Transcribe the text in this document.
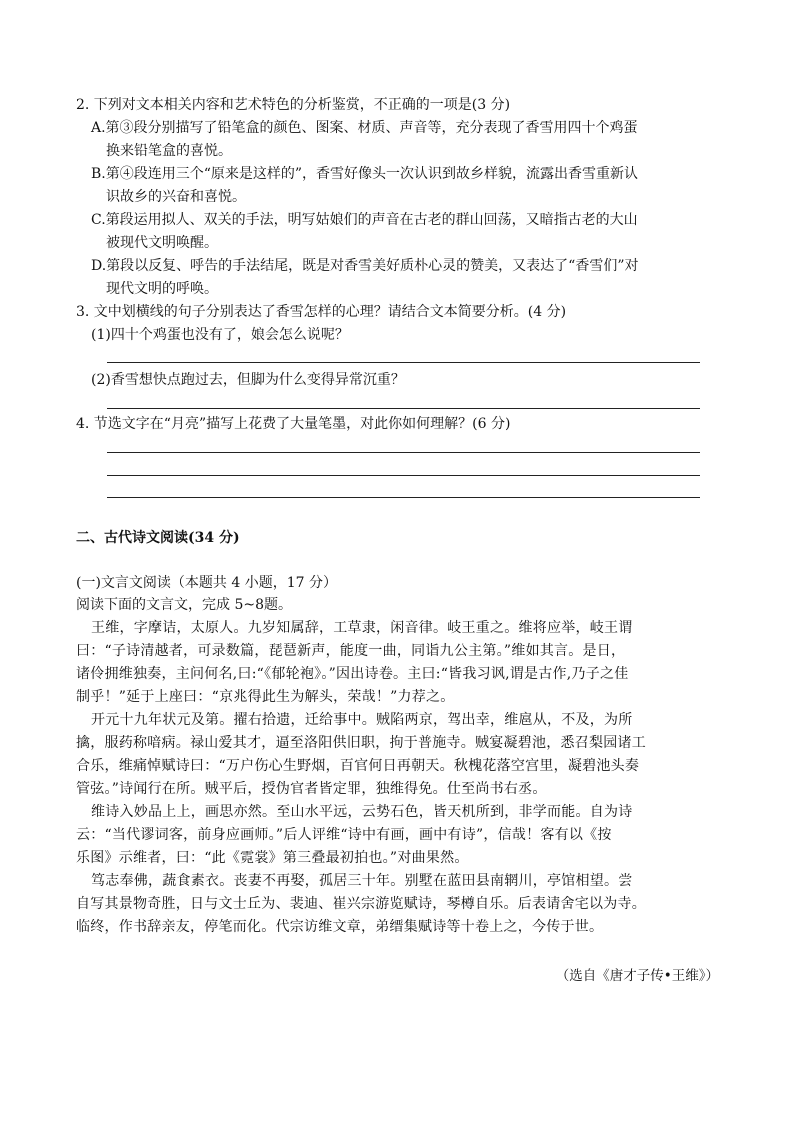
2. 下列对文本相关内容和艺术特色的分析鉴赏，不正确的一项是(3 分)
A.第③段分别描写了铅笔盒的颜色、图案、材质、声音等，充分表现了香雪用四十个鸡蛋
换来铅笔盒的喜悦。
B.第④段连用三个“原来是这样的”，香雪好像头一次认识到故乡样貌，流露出香雪重新认
识故乡的兴奋和喜悦。
C.第段运用拟人、双关的手法，明写姑娘们的声音在古老的群山回荡，又暗指古老的大山
被现代文明唤醒。
D.第段以反复、呼告的手法结尾，既是对香雪美好质朴心灵的赞美，又表达了“香雪们”对
现代文明的呼唤。
3. 文中划横线的句子分别表达了香雪怎样的心理？请结合文本简要分析。(4 分)
(1)四十个鸡蛋也没有了，娘会怎么说呢？
(2)香雪想快点跑过去，但脚为什么变得异常沉重？
4. 节选文字在“月亮”描写上花费了大量笔墨，对此你如何理解？(6 分)
二、古代诗文阅读(34 分)
(一)文言文阅读（本题共 4 小题，17 分）
阅读下面的文言文，完成 5~8题。
王维，字摩诘，太原人。九岁知属辞，工草隶，闲音律。岐王重之。维将应举，岐王谓
曰：“子诗清越者，可录数篇，琵琶新声，能度一曲，同诣九公主第。”维如其言。是日，
诸伶拥维独奏，主问何名,曰:“《郁轮袍》。”因出诗卷。主曰:“皆我习讽,谓是古作,乃子之佳
制乎！”延于上座曰：“京兆得此生为解头，荣哉！”力荐之。
开元十九年状元及第。擢右拾遗，迁给事中。贼陷两京，驾出幸，维扈从，不及，为所
擒，服药称喑病。禄山爱其才，逼至洛阳供旧职，拘于普施寺。贼宴凝碧池，悉召梨园诸工
合乐，维痛悼赋诗曰：“万户伤心生野烟，百官何日再朝天。秋槐花落空宫里，凝碧池头奏
管弦。”诗闻行在所。贼平后，授伪官者皆定罪，独维得免。仕至尚书右丞。
维诗入妙品上上，画思亦然。至山水平远，云势石色，皆天机所到，非学而能。自为诗
云：“当代谬词客，前身应画师。”后人评维“诗中有画，画中有诗”，信哉！客有以《按
乐图》示维者，曰：“此《霓裳》第三叠最初拍也。”对曲果然。
笃志奉佛，蔬食素衣。丧妻不再娶，孤居三十年。别墅在蓝田县南辋川，亭馆相望。尝
自写其景物奇胜，日与文士丘为、裴迪、崔兴宗游览赋诗，琴樽自乐。后表请舍宅以为寺。
临终，作书辞亲友，停笔而化。代宗访维文章，弟缙集赋诗等十卷上之，今传于世。
（选自《唐才子传•王维》）
